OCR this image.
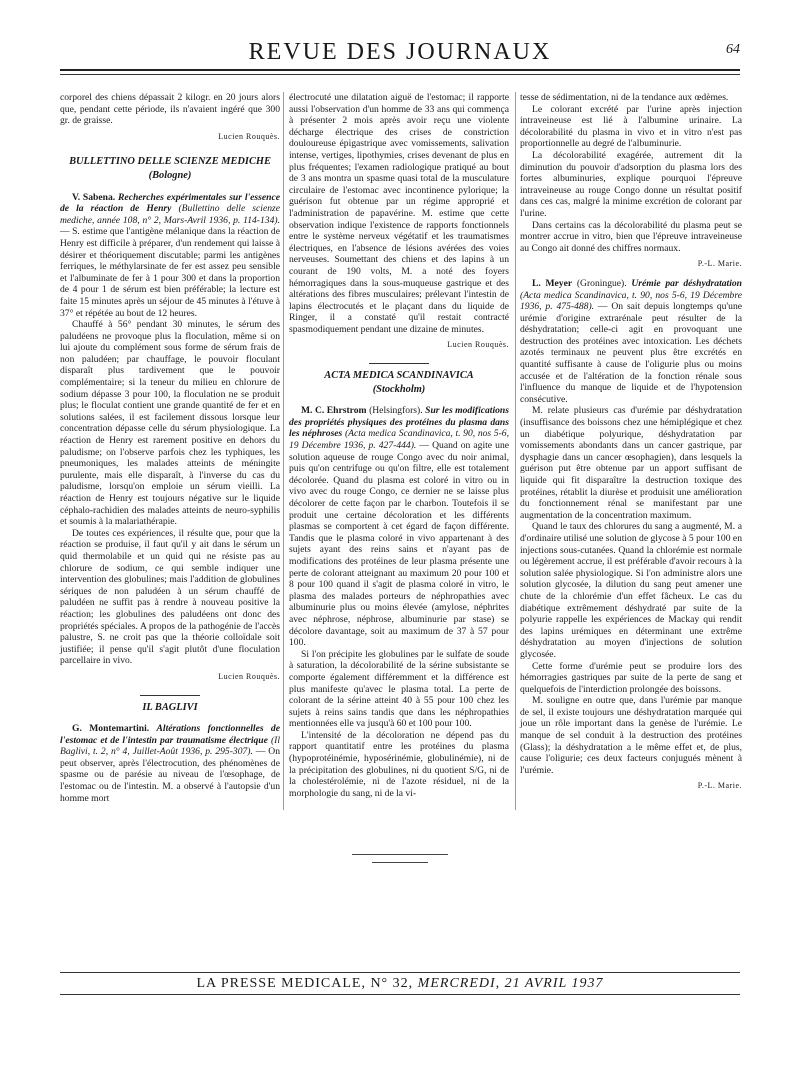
REVUE DES JOURNAUX	64

corporel des chiens dépassait 2 kilogr. en 20 jours alors que, pendant cette période, ils n'avaient ingéré que 300 gr. de graisse.

Lucien Rouquès.

BULLETTINO DELLE SCIENZE MEDICHE

(Bologne)

V. Sabena. Recherches expérimentales sur l'essence de la réaction de Henry (Bullettino delle scienze mediche, année 108, n° 2, Mars-Avril 1936, p. 114-134). — S. estime que l'antigène mélanique dans la réaction de Henry est difficile à préparer, d'un rendement qui laisse à désirer et théoriquement discutable; parmi les antigènes ferriques, le méthylarsinate de fer est assez peu sensible et l'albuminate de fer à 1 pour 300 et dans la proportion de 4 pour 1 de sérum est bien préférable; la lecture est faite 15 minutes après un séjour de 45 minutes à l'étuve à 37° et répétée au bout de 12 heures.

Chauffé à 56° pendant 30 minutes, le sérum des paludéens ne provoque plus la floculation, même si on lui ajoute du complément sous forme de sérum frais de non paludéen; par chauffage, le pouvoir floculant disparaît plus tardivement que le pouvoir complémentaire; si la teneur du milieu en chlorure de sodium dépasse 3 pour 100, la floculation ne se produit plus; le floculat contient une grande quantité de fer et en solutions salées, il est facilement dissous lorsque leur concentration dépasse celle du sérum physiologique. La réaction de Henry est rarement positive en dehors du paludisme; on l'observe parfois chez les typhiques, les pneumoniques, les malades atteints de méningite purulente, mais elle disparaît, à l'inverse du cas du paludisme, lorsqu'on emploie un sérum vieilli. La réaction de Henry est toujours négative sur le liquide céphalo-rachidien des malades atteints de neuro-syphilis et soumis à la malariathérapie.

De toutes ces expériences, il résulte que, pour que la réaction se produise, il faut qu'il y ait dans le sérum un quid thermolabile et un quid qui ne résiste pas au chlorure de sodium, ce qui semble indiquer une intervention des globulines; mais l'addition de globulines sériques de non paludéen à un sérum chauffé de paludéen ne suffit pas à rendre à nouveau positive la réaction; les globulines des paludéens ont donc des propriétés spéciales. A propos de la pathogénie de l'accès palustre, S. ne croit pas que la théorie colloïdale soit justifiée; il pense qu'il s'agit plutôt d'une floculation parcellaire in vivo.

Lucien Rouquès.

IL BAGLIVI

G. Montemartini. Altérations fonctionnelles de l'estomac et de l'intestin par traumatisme électrique (Il Baglivi, t. 2, n° 4, Juillet-Août 1936, p. 295-307). — On peut observer, après l'électrocution, des phénomènes de spasme ou de parésie au niveau de l'œsophage, de l'estomac ou de l'intestin. M. a observé à l'autopsie d'un homme mort

électrocuté une dilatation aiguë de l'estomac; il rapporte aussi l'observation d'un homme de 33 ans qui commença à présenter 2 mois après avoir reçu une violente décharge électrique des crises de constriction douloureuse épigastrique avec vomissements, salivation intense, vertiges, lipothymies, crises devenant de plus en plus fréquentes; l'examen radiologique pratiqué au bout de 3 ans montra un spasme quasi total de la musculature circulaire de l'estomac avec incontinence pylorique; la guérison fut obtenue par un régime approprié et l'administration de papavérine. M. estime que cette observation indique l'existence de rapports fonctionnels entre le système nerveux végétatif et les traumatismes électriques, en l'absence de lésions avérées des voies nerveuses. Soumettant des chiens et des lapins à un courant de 190 volts, M. a noté des foyers hémorragiques dans la sous-muqueuse gastrique et des altérations des fibres musculaires; prélevant l'intestin de lapins électrocutés et le plaçant dans du liquide de Ringer, il a constaté qu'il restait contracté spasmodiquement pendant une dizaine de minutes.

Lucien Rouquès.

ACTA MEDICA SCANDINAVICA

(Stockholm)

M. C. Ehrstrom (Helsingfors). Sur les modifications des propriétés physiques des protéines du plasma dans les néphroses (Acta medica Scandinavica, t. 90, nos 5-6, 19 Décembre 1936, p. 427-444). — Quand on agite une solution aqueuse de rouge Congo avec du noir animal, puis qu'on centrifuge ou qu'on filtre, elle est totalement décolorée. Quand du plasma est coloré in vitro ou in vivo avec du rouge Congo, ce dernier ne se laisse plus décolorer de cette façon par le charbon. Toutefois il se produit une certaine décoloration et les différents plasmas se comportent à cet égard de façon différente. Tandis que le plasma coloré in vivo appartenant à des sujets ayant des reins sains et n'ayant pas de modifications des protéines de leur plasma présente une perte de colorant atteignant au maximum 20 pour 100 et 8 pour 100 quand il s'agit de plasma coloré in vitro, le plasma des malades porteurs de néphropathies avec albuminurie plus ou moins élevée (amylose, néphrites avec néphrose, néphrose, albuminurie par stase) se décolore davantage, soit au maximum de 37 à 57 pour 100.

Si l'on précipite les globulines par le sulfate de soude à saturation, la décolorabilité de la sérine subsistante se comporte également différemment et la différence est plus manifeste qu'avec le plasma total. La perte de colorant de la sérine atteint 40 à 55 pour 100 chez les sujets à reins sains tandis que dans les néphropathies mentionnées elle va jusqu'à 60 et 100 pour 100.

L'intensité de la décoloration ne dépend pas du rapport quantitatif entre les protéines du plasma (hypoprotéinémie, hyposérinémie, globulinémie), ni de la précipitation des globulines, ni du quotient S/G, ni de la cholestérolémie, ni de l'azote résiduel, ni de la morphologie du sang, ni de la vi-

tesse de sédimentation, ni de la tendance aux œdèmes.

Le colorant excrété par l'urine après injection intraveineuse est lié à l'albumine urinaire. La décolorabilité du plasma in vivo et in vitro n'est pas proportionnelle au degré de l'albuminurie.

La décolorabilité exagérée, autrement dit la diminution du pouvoir d'adsorption du plasma lors des fortes albuminuries, explique pourquoi l'épreuve intraveineuse au rouge Congo donne un résultat positif dans ces cas, malgré la minime excrétion de colorant par l'urine.

Dans certains cas la décolorabilité du plasma peut se montrer accrue in vitro, bien que l'épreuve intraveineuse au Congo ait donné des chiffres normaux.

P.-L. Marie.

L. Meyer (Groningue). Urémie par déshydratation (Acta medica Scandinavica, t. 90, nos 5-6, 19 Décembre 1936, p. 475-488). — On sait depuis longtemps qu'une urémie d'origine extrarénale peut résulter de la déshydratation; celle-ci agit en provoquant une destruction des protéines avec intoxication. Les déchets azotés terminaux ne peuvent plus être excrétés en quantité suffisante à cause de l'oligurie plus ou moins accusée et de l'altération de la fonction rénale sous l'influence du manque de liquide et de l'hypotension consécutive.

M. relate plusieurs cas d'urémie par déshydratation (insuffisance des boissons chez une hémiplégique et chez un diabétique polyurique, déshydratation par vomissements abondants dans un cancer gastrique, par dysphagie dans un cancer œsophagien), dans lesquels la guérison put être obtenue par un apport suffisant de liquide qui fit disparaître la destruction toxique des protéines, rétablit la diurèse et produisit une amélioration du fonctionnement rénal se manifestant par une augmentation de la concentration maximum.

Quand le taux des chlorures du sang a augmenté, M. a d'ordinaire utilisé une solution de glycose à 5 pour 100 en injections sous-cutanées. Quand la chlorémie est normale ou légèrement accrue, il est préférable d'avoir recours à la solution salée physiologique. Si l'on administre alors une solution glycosée, la dilution du sang peut amener une chute de la chlorémie d'un effet fâcheux. Le cas du diabétique extrêmement déshydraté par suite de la polyurie rappelle les expériences de Mackay qui rendit des lapins urémiques en déterminant une extrême déshydratation au moyen d'injections de solution glycosée.

Cette forme d'urémie peut se produire lors des hémorragies gastriques par suite de la perte de sang et quelquefois de l'interdiction prolongée des boissons.

M. souligne en outre que, dans l'urémie par manque de sel, il existe toujours une déshydratation marquée qui joue un rôle important dans la genèse de l'urémie. Le manque de sel conduit à la destruction des protéines (Glass); la déshydratation a le même effet et, de plus, cause l'oligurie; ces deux facteurs conjugués mènent à l'urémie.

P.-L. Marie.

LA PRESSE MEDICALE, N° 32, MERCREDI, 21 AVRIL 1937
